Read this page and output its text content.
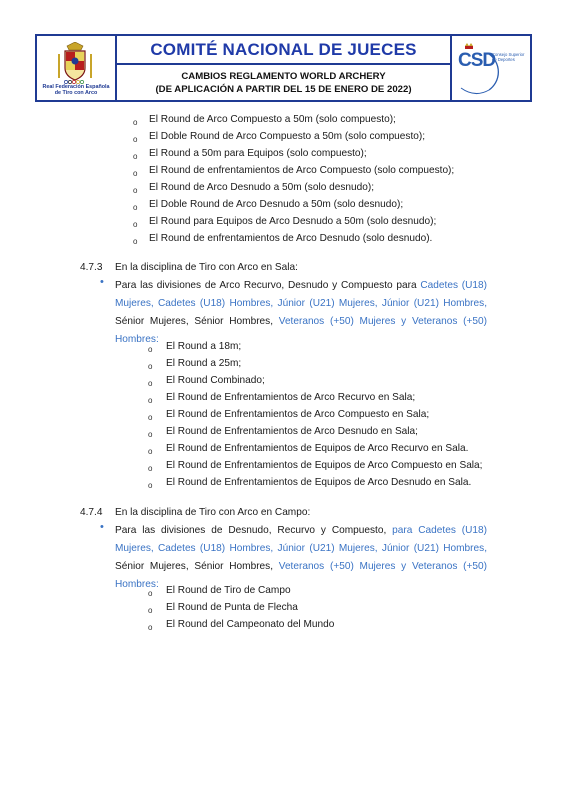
Real Federación Española de Tiro con Arco
COMITÉ NACIONAL DE JUECES
CAMBIOS REGLAMENTO WORLD ARCHERY
(DE APLICACIÓN A PARTIR DEL 15 DE ENERO DE 2022)
CSD
Consejo Superior de Deportes
o El Round de Arco Compuesto a 50m (solo compuesto);
o El Doble Round de Arco Compuesto a 50m (solo compuesto);
o El Round a 50m para Equipos (solo compuesto);
o El Round de enfrentamientos de Arco Compuesto (solo compuesto);
o El Round de Arco Desnudo a 50m (solo desnudo);
o El Doble Round de Arco Desnudo a 50m (solo desnudo);
o El Round para Equipos de Arco Desnudo a 50m (solo desnudo);
o El Round de enfrentamientos de Arco Desnudo (solo desnudo).
4.7.3 En la disciplina de Tiro con Arco en Sala:
• Para las divisiones de Arco Recurvo, Desnudo y Compuesto para Cadetes (U18)
Mujeres, Cadetes (U18) Hombres, Júnior (U21) Mujeres, Júnior (U21) Hombres,
Sénior Mujeres, Sénior Hombres, Veteranos (+50) Mujeres y Veteranos (+50)
Hombres:
o El Round a 18m;
o El Round a 25m;
o El Round Combinado;
o El Round de Enfrentamientos de Arco Recurvo en Sala;
o El Round de Enfrentamientos de Arco Compuesto en Sala;
o El Round de Enfrentamientos de Arco Desnudo en Sala;
o El Round de Enfrentamientos de Equipos de Arco Recurvo en Sala.
o El Round de Enfrentamientos de Equipos de Arco Compuesto en Sala;
o El Round de Enfrentamientos de Equipos de Arco Desnudo en Sala.
4.7.4 En la disciplina de Tiro con Arco en Campo:
• Para las divisiones de Desnudo, Recurvo y Compuesto, para Cadetes (U18)
Mujeres, Cadetes (U18) Hombres, Júnior (U21) Mujeres, Júnior (U21) Hombres,
Sénior Mujeres, Sénior Hombres, Veteranos (+50) Mujeres y Veteranos (+50)
Hombres:
o El Round de Tiro de Campo
o El Round de Punta de Flecha
o El Round del Campeonato del Mundo
